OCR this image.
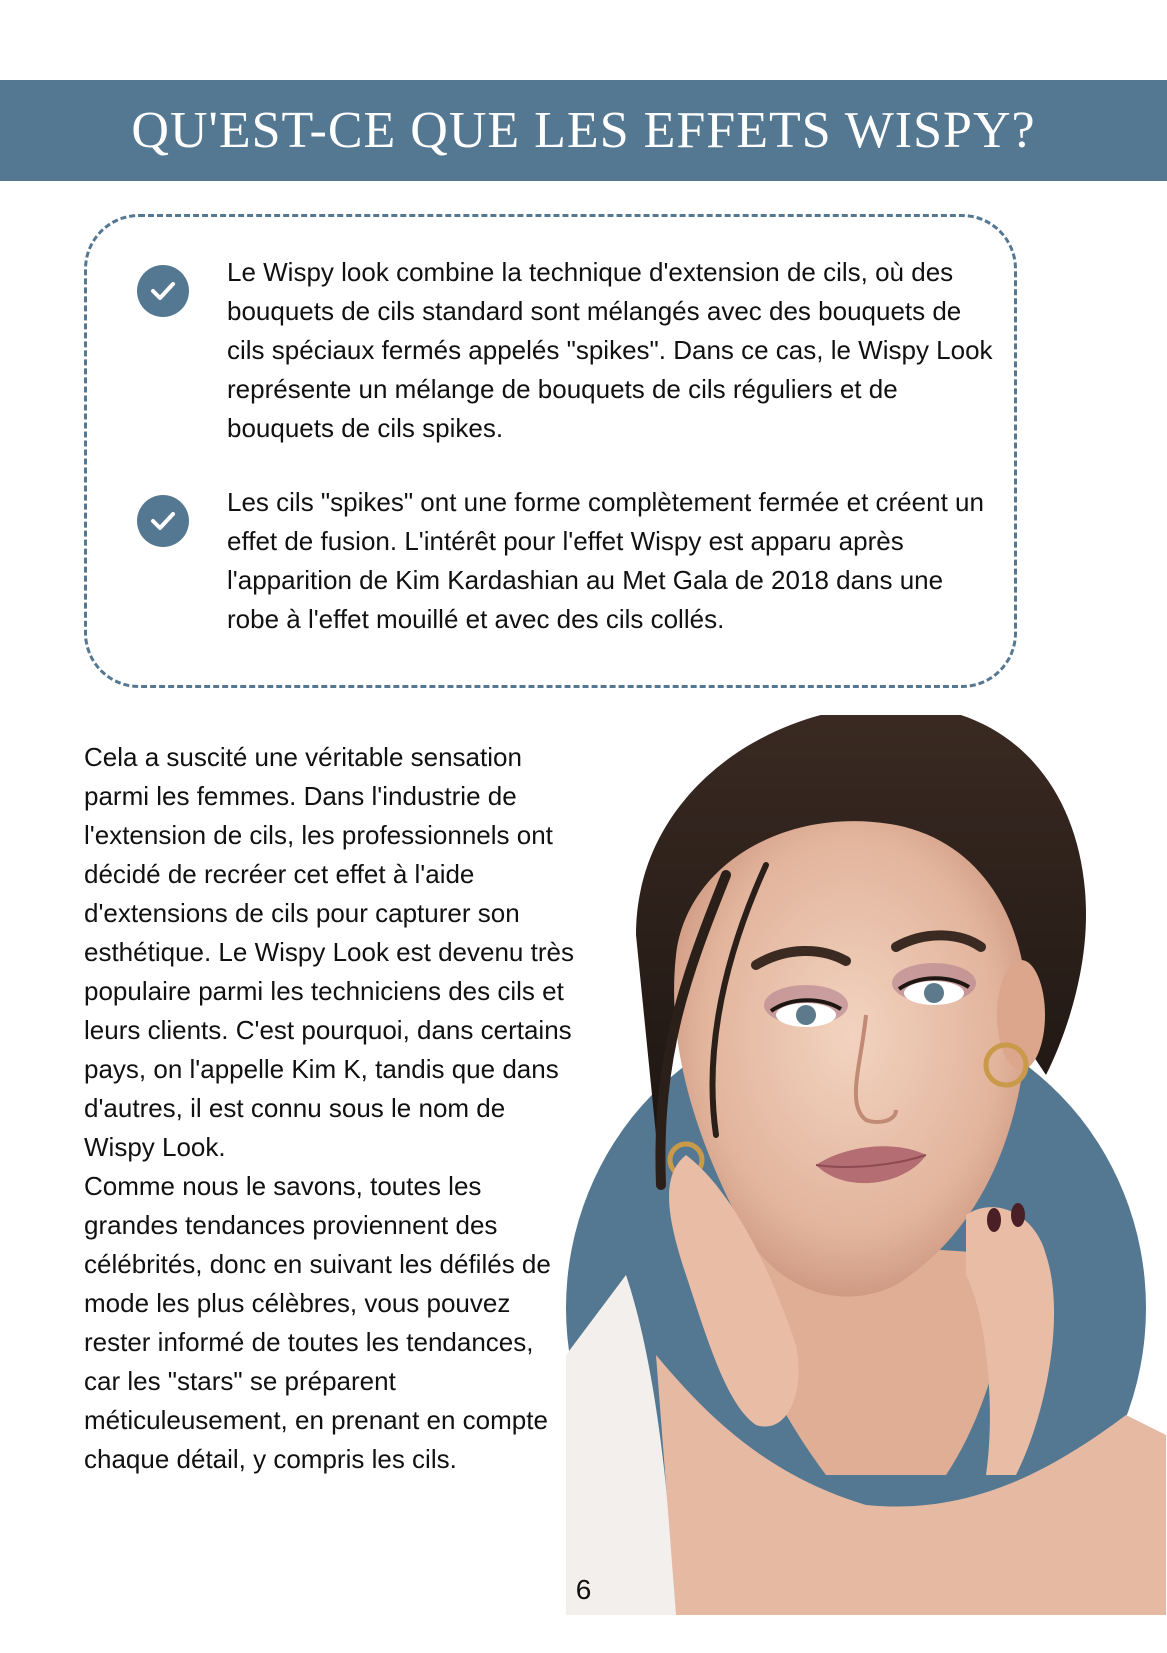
QU'EST-CE QUE LES EFFETS WISPY?

Le Wispy look combine la technique d'extension de cils, où des bouquets de cils standard sont mélangés avec des bouquets de cils spéciaux fermés appelés "spikes". Dans ce cas, le Wispy Look représente un mélange de bouquets de cils réguliers et de bouquets de cils spikes.

Les cils "spikes" ont une forme complètement fermée et créent un effet de fusion. L'intérêt pour l'effet Wispy est apparu après l'apparition de Kim Kardashian au Met Gala de 2018 dans une robe à l'effet mouillé et avec des cils collés.

Cela a suscité une véritable sensation parmi les femmes. Dans l'industrie de l'extension de cils, les professionnels ont décidé de recréer cet effet à l'aide d'extensions de cils pour capturer son esthétique. Le Wispy Look est devenu très populaire parmi les techniciens des cils et leurs clients. C'est pourquoi, dans certains pays, on l'appelle Kim K, tandis que dans d'autres, il est connu sous le nom de Wispy Look.

Comme nous le savons, toutes les grandes tendances proviennent des célébrités, donc en suivant les défilés de mode les plus célèbres, vous pouvez rester informé de toutes les tendances, car les "stars" se préparent méticuleusement, en prenant en compte chaque détail, y compris les cils.

6
